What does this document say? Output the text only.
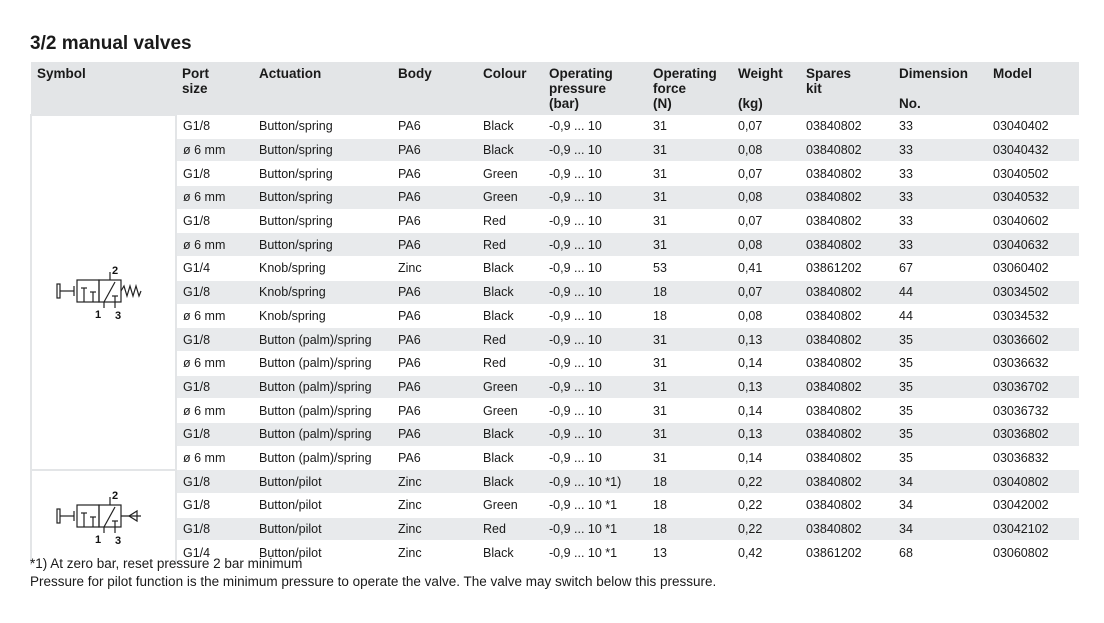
3/2 manual valves
Symbol	Port
size	Actuation	Body	Colour	Operating
pressure
(bar)	Operating
force
(N)	Weight
(kg)	Spares
kit	Dimension
No.	Model

2
1 3	G1/8	Button/spring	PA6	Black	-0,9 ... 10	31	0,07	03840802	33	03040402
	ø 6 mm	Button/spring	PA6	Black	-0,9 ... 10	31	0,08	03840802	33	03040432
	G1/8	Button/spring	PA6	Green	-0,9 ... 10	31	0,07	03840802	33	03040502
	ø 6 mm	Button/spring	PA6	Green	-0,9 ... 10	31	0,08	03840802	33	03040532
	G1/8	Button/spring	PA6	Red	-0,9 ... 10	31	0,07	03840802	33	03040602
	ø 6 mm	Button/spring	PA6	Red	-0,9 ... 10	31	0,08	03840802	33	03040632
	G1/4	Knob/spring	Zinc	Black	-0,9 ... 10	53	0,41	03861202	67	03060402
	G1/8	Knob/spring	PA6	Black	-0,9 ... 10	18	0,07	03840802	44	03034502
	ø 6 mm	Knob/spring	PA6	Black	-0,9 ... 10	18	0,08	03840802	44	03034532
	G1/8	Button (palm)/spring	PA6	Red	-0,9 ... 10	31	0,13	03840802	35	03036602
	ø 6 mm	Button (palm)/spring	PA6	Red	-0,9 ... 10	31	0,14	03840802	35	03036632
	G1/8	Button (palm)/spring	PA6	Green	-0,9 ... 10	31	0,13	03840802	35	03036702
	ø 6 mm	Button (palm)/spring	PA6	Green	-0,9 ... 10	31	0,14	03840802	35	03036732
	G1/8	Button (palm)/spring	PA6	Black	-0,9 ... 10	31	0,13	03840802	35	03036802
	ø 6 mm	Button (palm)/spring	PA6	Black	-0,9 ... 10	31	0,14	03840802	35	03036832

2
1 3	G1/8	Button/pilot	Zinc	Black	-0,9 ... 10 *1)	18	0,22	03840802	34	03040802
	G1/8	Button/pilot	Zinc	Green	-0,9 ... 10 *1	18	0,22	03840802	34	03042002
	G1/8	Button/pilot	Zinc	Red	-0,9 ... 10 *1	18	0,22	03840802	34	03042102
	G1/4	Button/pilot	Zinc	Black	-0,9 ... 10 *1	13	0,42	03861202	68	03060802

*1) At zero bar, reset pressure 2 bar minimum

Pressure for pilot function is the minimum pressure to operate the valve. The valve may switch below this pressure.
